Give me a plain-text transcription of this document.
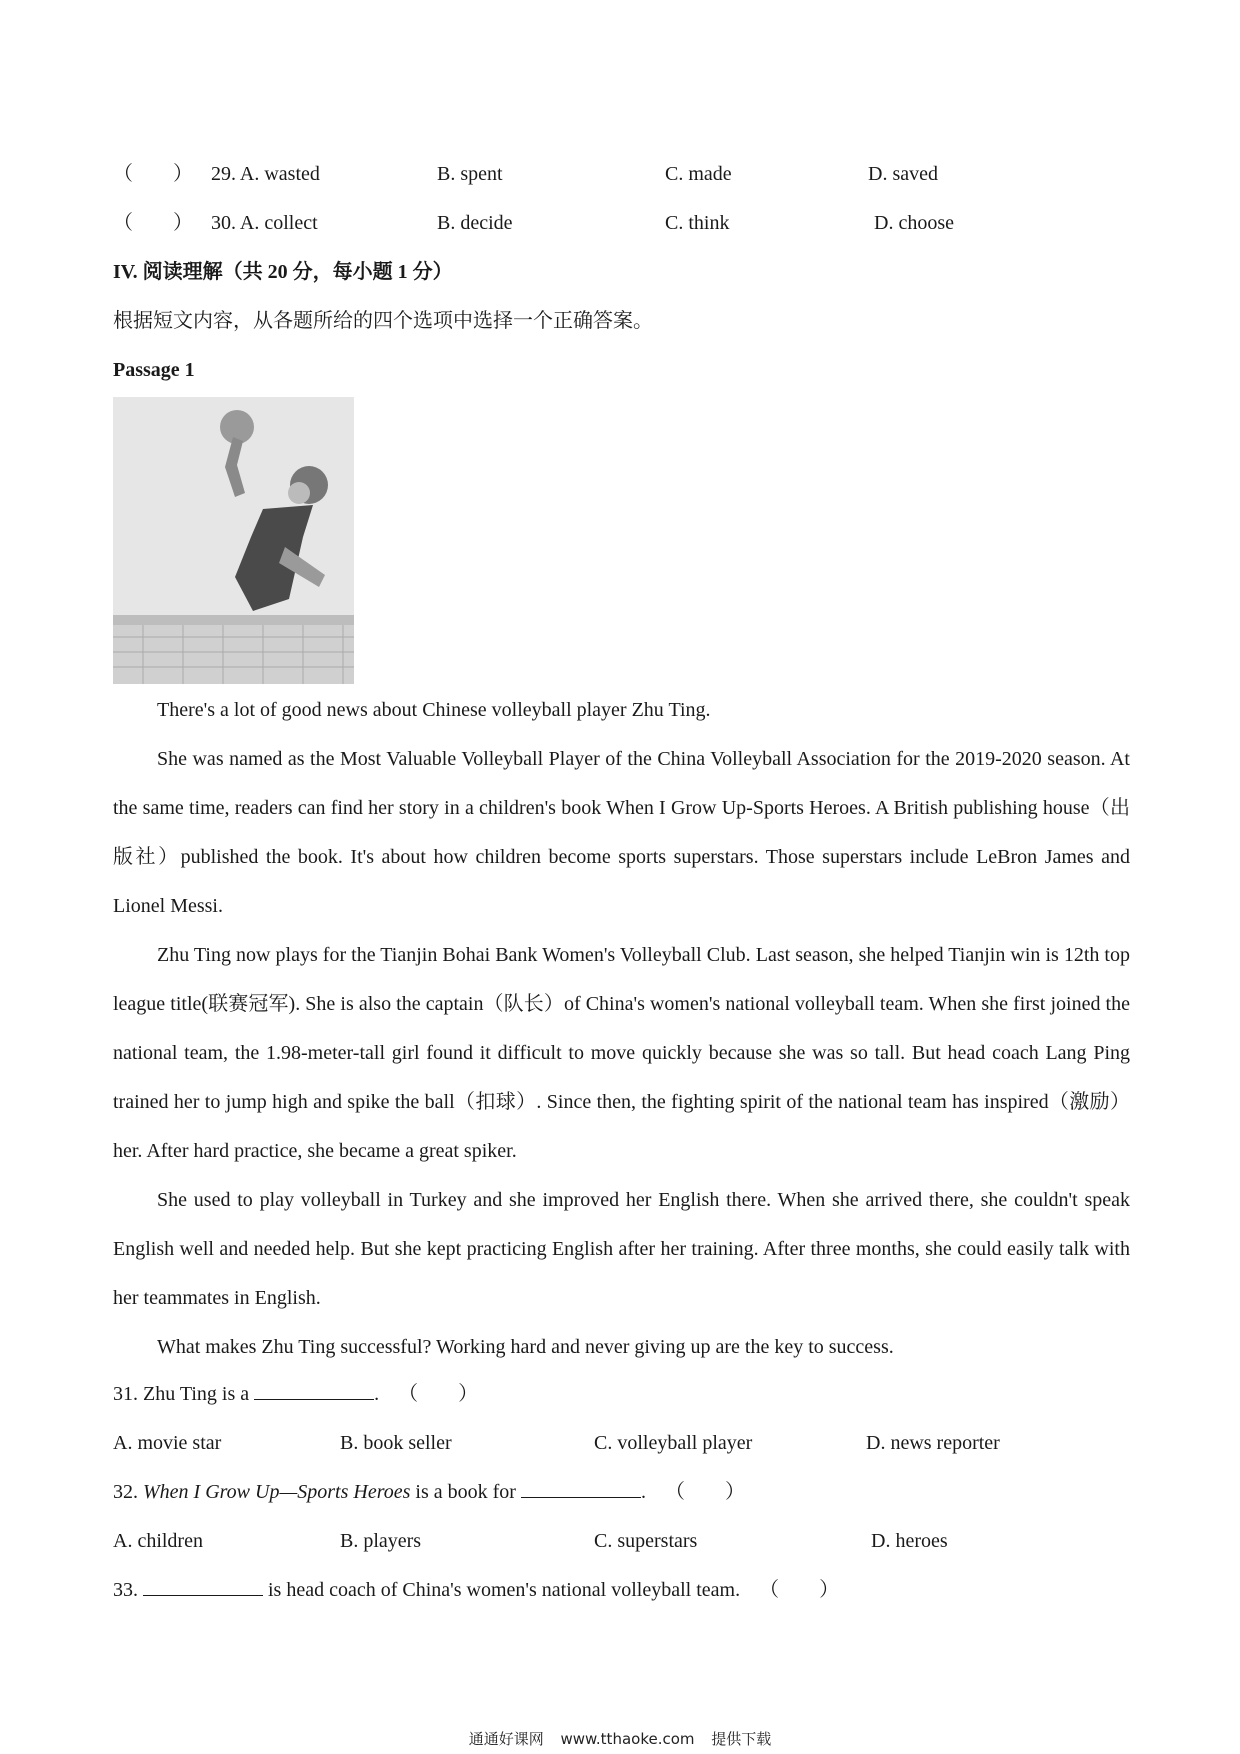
（　　） 29. A. wasted	B. spent	C. made	D. saved
（　　） 30. A. collect	B. decide	C. think	D. choose
IV. 阅读理解（共 20 分，每小题 1 分）
根据短文内容，从各题所给的四个选项中选择一个正确答案。
Passage 1

There's a lot of good news about Chinese volleyball player Zhu Ting.

She was named as the Most Valuable Volleyball Player of the China Volleyball Association for the 2019-2020 season. At the same time, readers can find her story in a children's book When I Grow Up-Sports Heroes. A British publishing house（出版社）published the book. It's about how children become sports superstars. Those superstars include LeBron James and Lionel Messi.

Zhu Ting now plays for the Tianjin Bohai Bank Women's Volleyball Club. Last season, she helped Tianjin win is 12th top league title(联赛冠军). She is also the captain（队长）of China's women's national volleyball team. When she first joined the national team, the 1.98-meter-tall girl found it difficult to move quickly because she was so tall. But head coach Lang Ping trained her to jump high and spike the ball（扣球）. Since then, the fighting spirit of the national team has inspired（激励）her. After hard practice, she became a great spiker.

She used to play volleyball in Turkey and she improved her English there. When she arrived there, she couldn't speak English well and needed help. But she kept practicing English after her training. After three months, she could easily talk with her teammates in English.

What makes Zhu Ting successful? Working hard and never giving up are the key to success.

31. Zhu Ting is a	. （　　）
A. movie star	B. book seller	C. volleyball player	D. news reporter
32. When I Grow Up—Sports Heroes is a book for	. （　　）
A. children	B. players	C. superstars	D. heroes
33.	is head coach of China's women's national volleyball team. （　　）
通通好课网 www.tthaoke.com 提供下载
